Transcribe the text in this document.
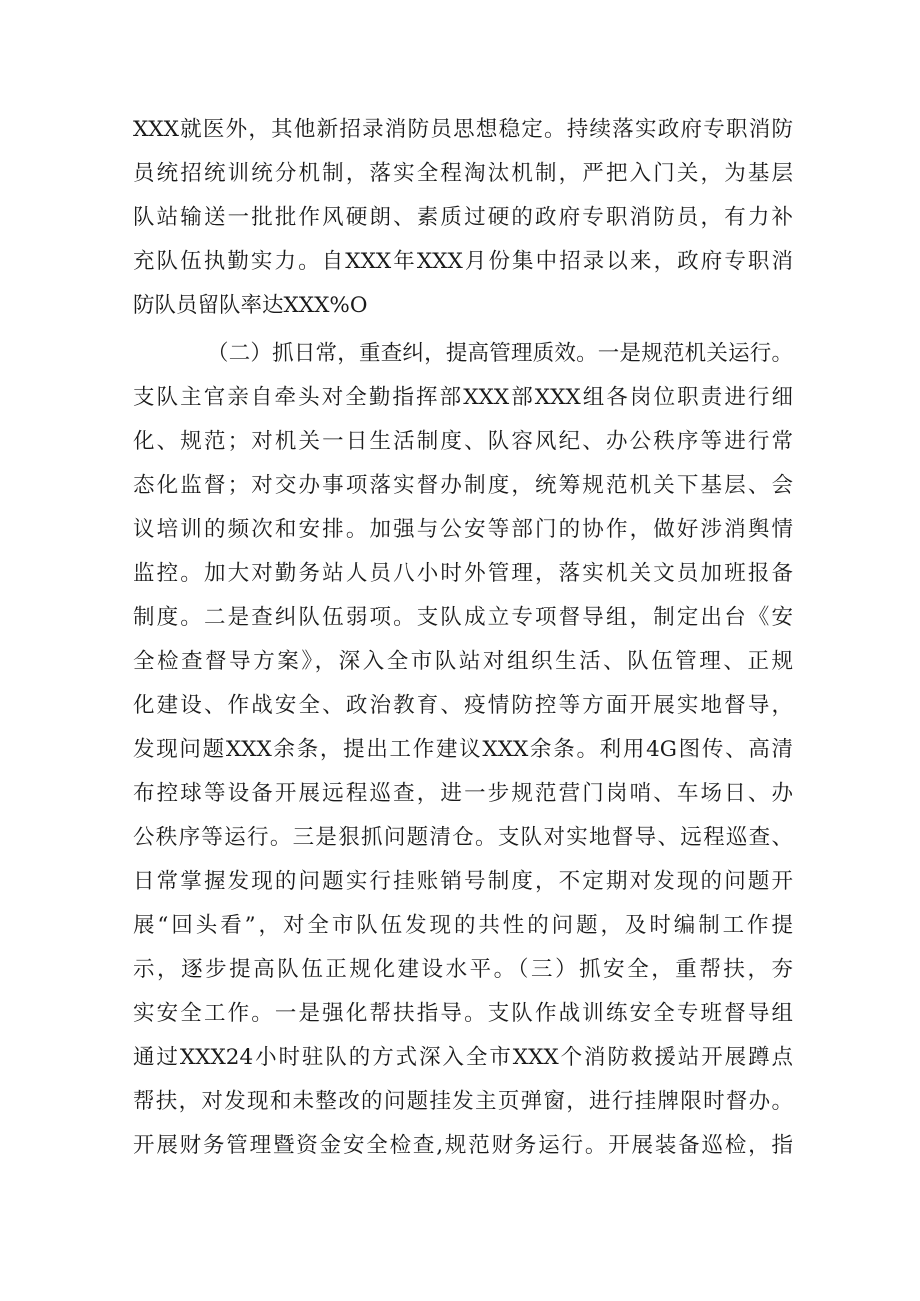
XXX就医外，其他新招录消防员思想稳定。持续落实政府专职消防
员统招统训统分机制，落实全程淘汰机制，严把入门关，为基层
队站输送一批批作风硬朗、素质过硬的政府专职消防员，有力补
充队伍执勤实力。自XXX年XXX月份集中招录以来，政府专职消
防队员留队率达XXX%O
（二）抓日常，重查纠，提高管理质效。一是规范机关运行。
支队主官亲自牵头对全勤指挥部XXX部XXX组各岗位职责进行细
化、规范；对机关一日生活制度、队容风纪、办公秩序等进行常
态化监督；对交办事项落实督办制度，统筹规范机关下基层、会
议培训的频次和安排。加强与公安等部门的协作，做好涉消舆情
监控。加大对勤务站人员八小时外管理，落实机关文员加班报备
制度。二是查纠队伍弱项。支队成立专项督导组，制定出台《安
全检查督导方案》，深入全市队站对组织生活、队伍管理、正规
化建设、作战安全、政治教育、疫情防控等方面开展实地督导，
发现问题XXX余条，提出工作建议XXX余条。利用4G图传、高清
布控球等设备开展远程巡查，进一步规范营门岗哨、车场日、办
公秩序等运行。三是狠抓问题清仓。支队对实地督导、远程巡查、
日常掌握发现的问题实行挂账销号制度，不定期对发现的问题开
展“回头看”，对全市队伍发现的共性的问题，及时编制工作提
示，逐步提高队伍正规化建设水平。（三）抓安全，重帮扶，夯
实安全工作。一是强化帮扶指导。支队作战训练安全专班督导组
通过XXX24小时驻队的方式深入全市XXX个消防救援站开展蹲点
帮扶，对发现和未整改的问题挂发主页弹窗，进行挂牌限时督办。
开展财务管理暨资金安全检查,规范财务运行。开展装备巡检，指
